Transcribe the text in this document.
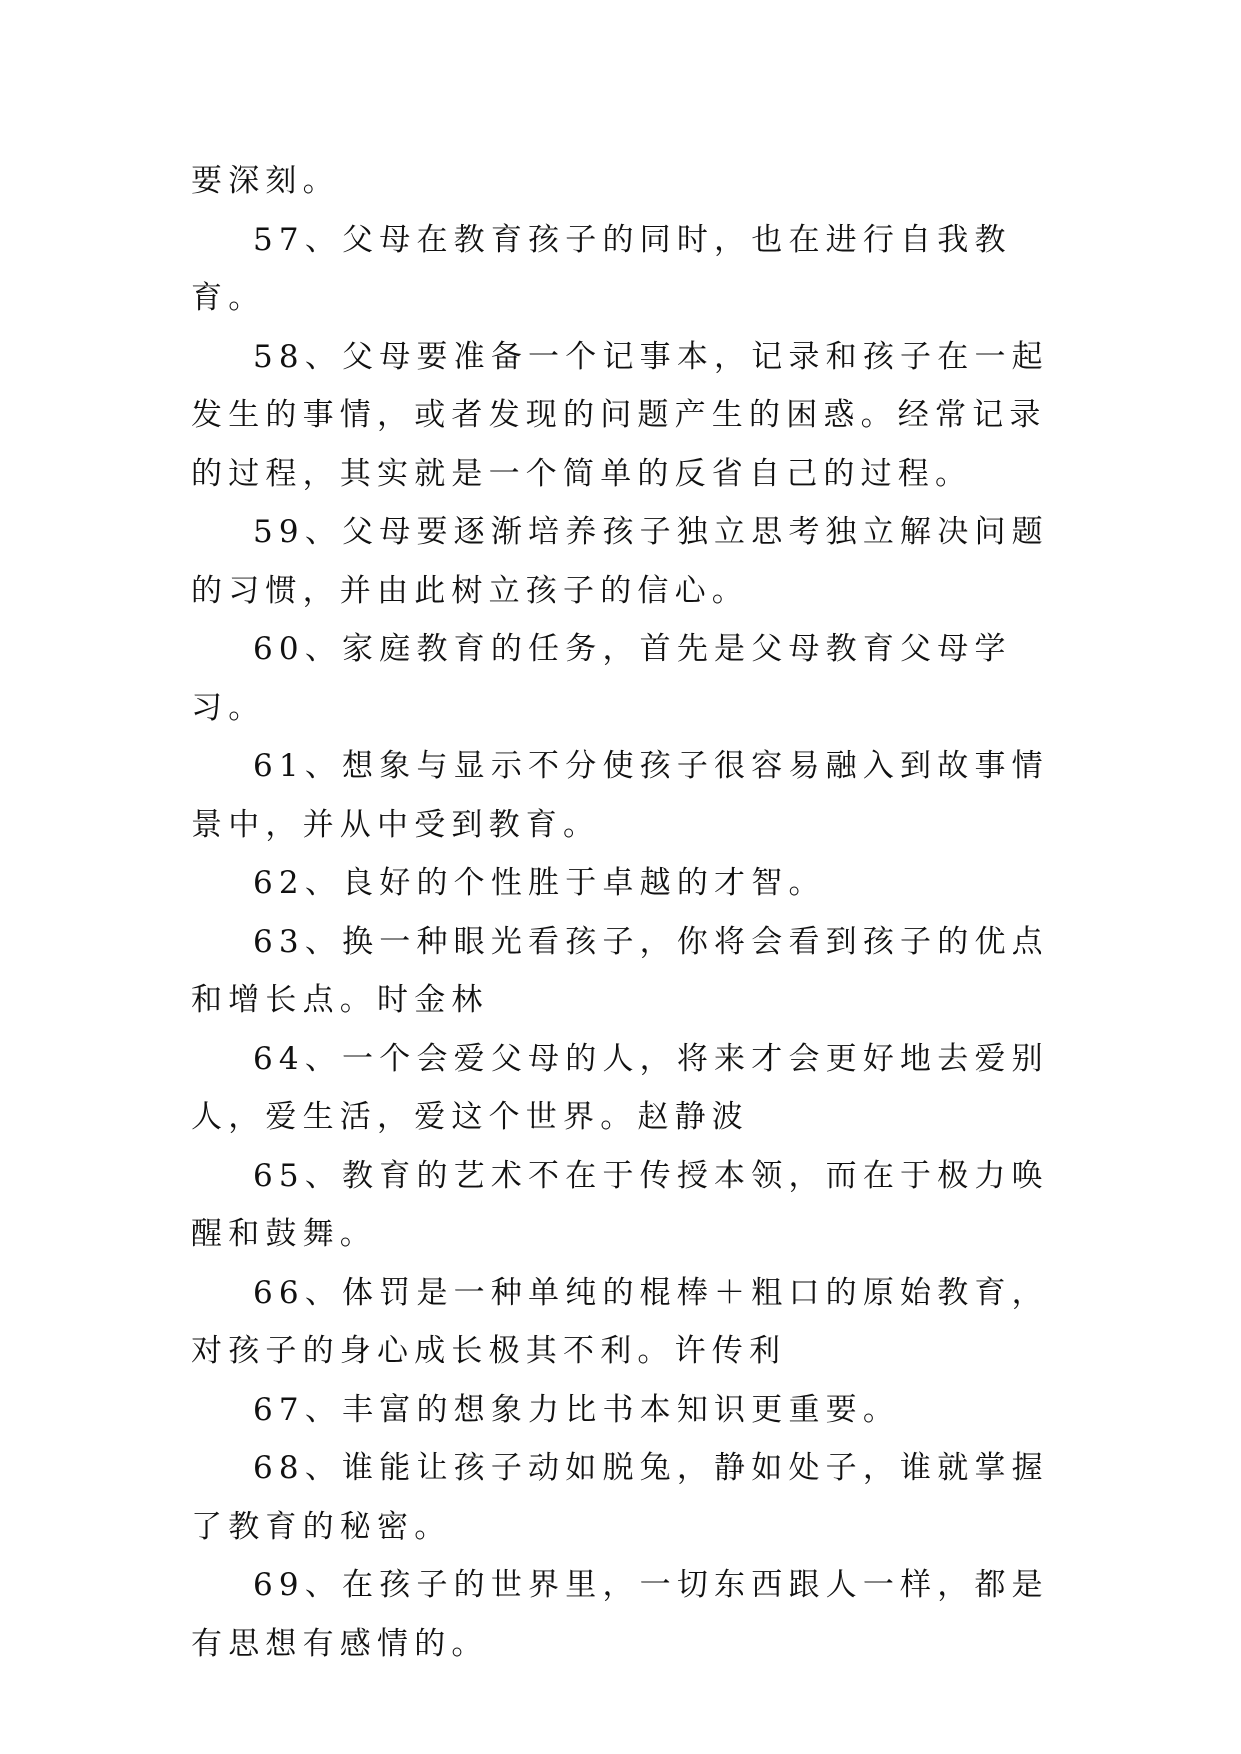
要深刻。

57、父母在教育孩子的同时，也在进行自我教育。

58、父母要准备一个记事本，记录和孩子在一起发生的事情，或者发现的问题产生的困惑。经常记录的过程，其实就是一个简单的反省自己的过程。

59、父母要逐渐培养孩子独立思考独立解决问题的习惯，并由此树立孩子的信心。

60、家庭教育的任务，首先是父母教育父母学习。

61、想象与显示不分使孩子很容易融入到故事情景中，并从中受到教育。

62、良好的个性胜于卓越的才智。

63、换一种眼光看孩子，你将会看到孩子的优点和增长点。时金林

64、一个会爱父母的人，将来才会更好地去爱别人，爱生活，爱这个世界。赵静波

65、教育的艺术不在于传授本领，而在于极力唤醒和鼓舞。

66、体罚是一种单纯的棍棒＋粗口的原始教育，对孩子的身心成长极其不利。许传利

67、丰富的想象力比书本知识更重要。

68、谁能让孩子动如脱兔，静如处子，谁就掌握了教育的秘密。

69、在孩子的世界里，一切东西跟人一样，都是有思想有感情的。
